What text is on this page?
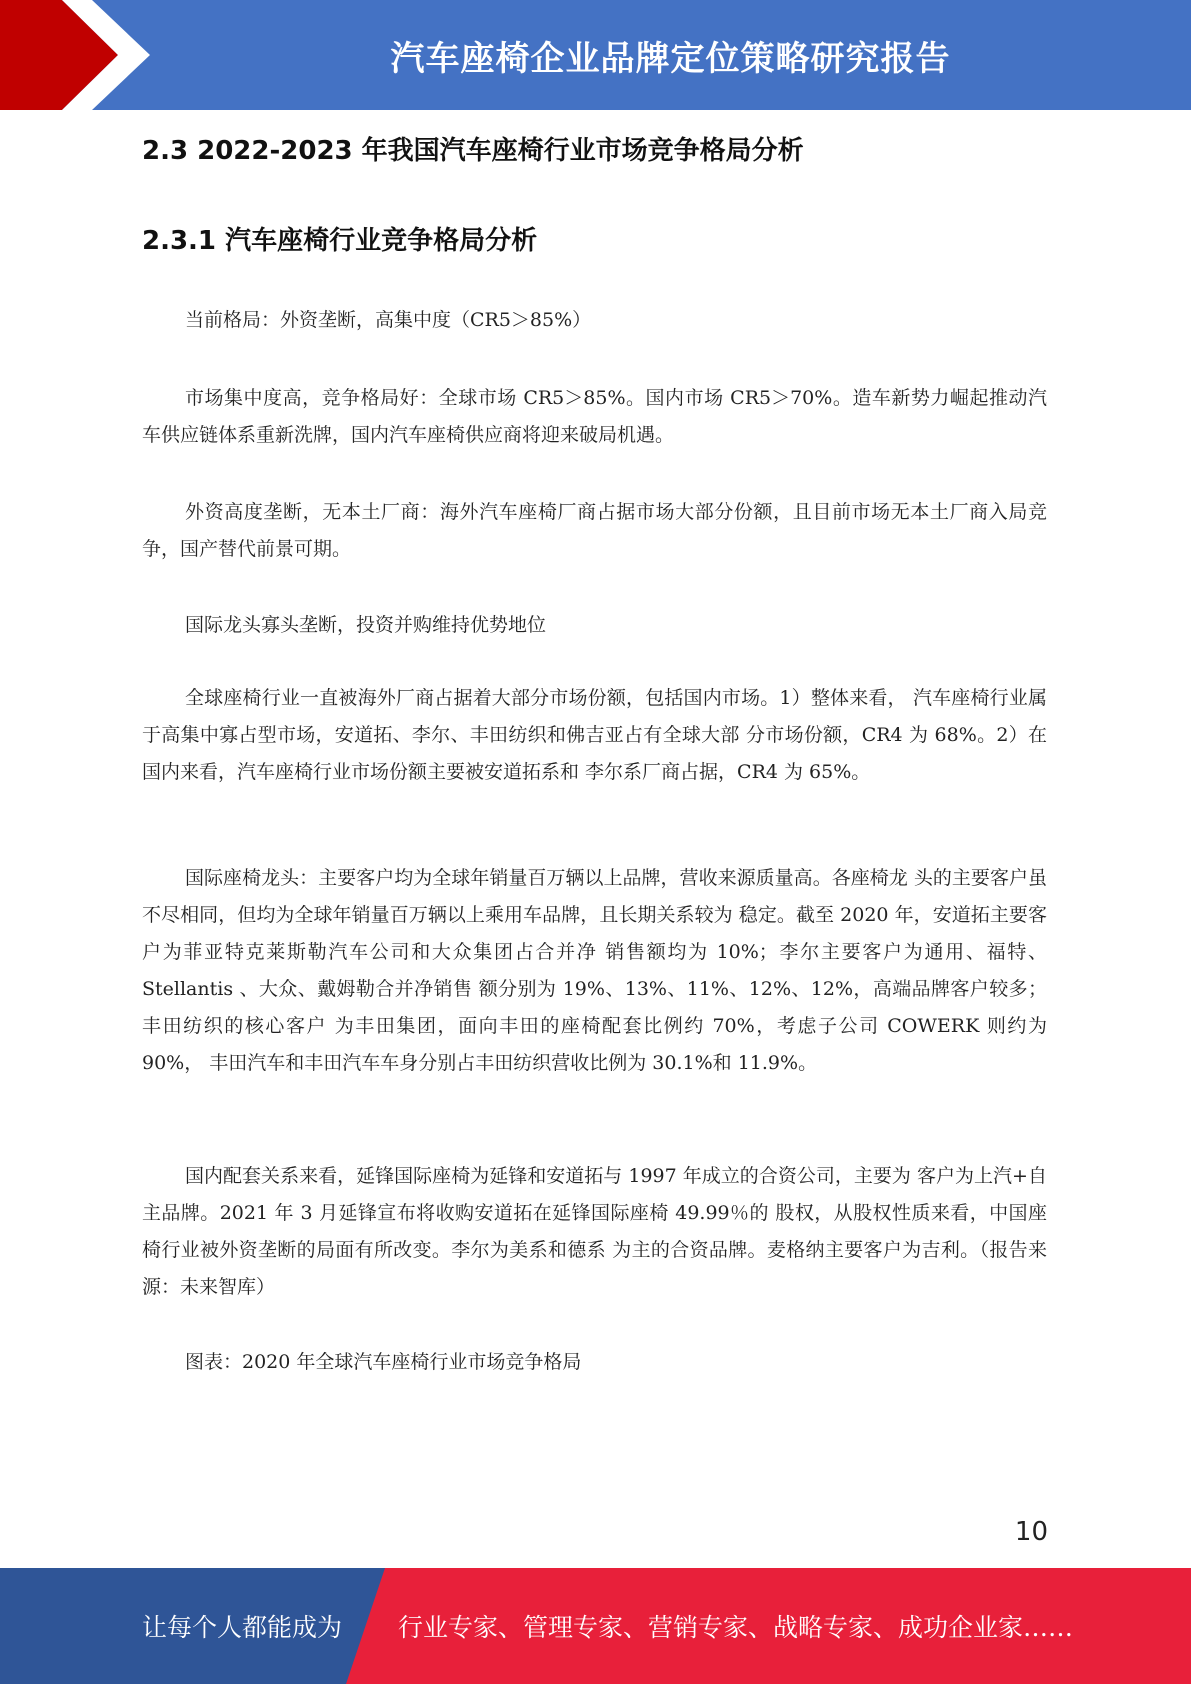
汽车座椅企业品牌定位策略研究报告
2.3 2022-2023 年我国汽车座椅行业市场竞争格局分析
2.3.1 汽车座椅行业竞争格局分析
当前格局：外资垄断，高集中度（CR5＞85%）
市场集中度高，竞争格局好：全球市场 CR5＞85%。国内市场 CR5＞70%。造车新势力崛起推动汽车供应链体系重新洗牌，国内汽车座椅供应商将迎来破局机遇。
外资高度垄断，无本土厂商：海外汽车座椅厂商占据市场大部分份额，且目前市场无本土厂商入局竞争，国产替代前景可期。
国际龙头寡头垄断，投资并购维持优势地位
全球座椅行业一直被海外厂商占据着大部分市场份额，包括国内市场。1）整体来看， 汽车座椅行业属于高集中寡占型市场，安道拓、李尔、丰田纺织和佛吉亚占有全球大部 分市场份额，CR4 为 68%。2）在国内来看，汽车座椅行业市场份额主要被安道拓系和 李尔系厂商占据，CR4 为 65%。
国际座椅龙头：主要客户均为全球年销量百万辆以上品牌，营收来源质量高。各座椅龙 头的主要客户虽不尽相同，但均为全球年销量百万辆以上乘用车品牌，且长期关系较为 稳定。截至 2020 年，安道拓主要客户为菲亚特克莱斯勒汽车公司和大众集团占合并净 销售额均为 10%；李尔主要客户为通用、福特、Stellantis 、大众、戴姆勒合并净销售 额分别为 19%、13%、11%、12%、12%，高端品牌客户较多；丰田纺织的核心客户 为丰田集团，面向丰田的座椅配套比例约 70%，考虑子公司 COWERK 则约为 90%， 丰田汽车和丰田汽车车身分别占丰田纺织营收比例为 30.1%和 11.9%。
国内配套关系来看，延锋国际座椅为延锋和安道拓与 1997 年成立的合资公司，主要为 客户为上汽+自主品牌。2021 年 3 月延锋宣布将收购安道拓在延锋国际座椅 49.99％的 股权，从股权性质来看，中国座椅行业被外资垄断的局面有所改变。李尔为美系和德系 为主的合资品牌。麦格纳主要客户为吉利。（报告来源：未来智库）
图表：2020 年全球汽车座椅行业市场竞争格局
10
让每个人都能成为 行业专家、管理专家、营销专家、战略专家、成功企业家……
